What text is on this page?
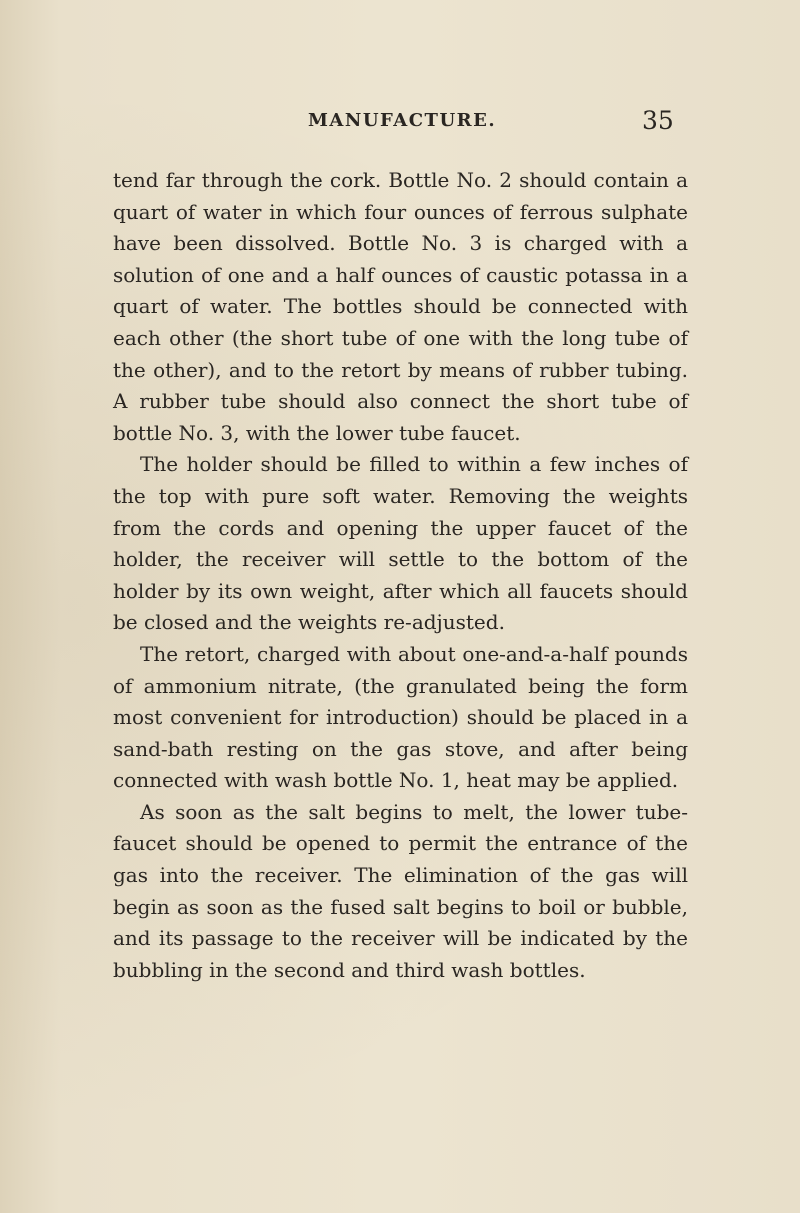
MANUFACTURE.	35

tend far through the cork. Bottle No. 2 should contain a quart of water in which four ounces of ferrous sulphate have been dissolved. Bottle No. 3 is charged with a solution of one and a half ounces of caustic potassa in a quart of water. The bottles should be connected with each other (the short tube of one with the long tube of the other), and to the retort by means of rubber tubing. A rubber tube should also connect the short tube of bottle No. 3, with the lower tube faucet.

The holder should be filled to within a few inches of the top with pure soft water. Removing the weights from the cords and opening the upper faucet of the holder, the receiver will settle to the bottom of the holder by its own weight, after which all faucets should be closed and the weights re-adjusted.

The retort, charged with about one-and-a-half pounds of ammonium nitrate, (the granulated being the form most convenient for introduction) should be placed in a sand-bath resting on the gas stove, and after being connected with wash bottle No. 1, heat may be applied.

As soon as the salt begins to melt, the lower tube-faucet should be opened to permit the entrance of the gas into the receiver. The elimination of the gas will begin as soon as the fused salt begins to boil or bubble, and its passage to the receiver will be indicated by the bubbling in the second and third wash bottles.
